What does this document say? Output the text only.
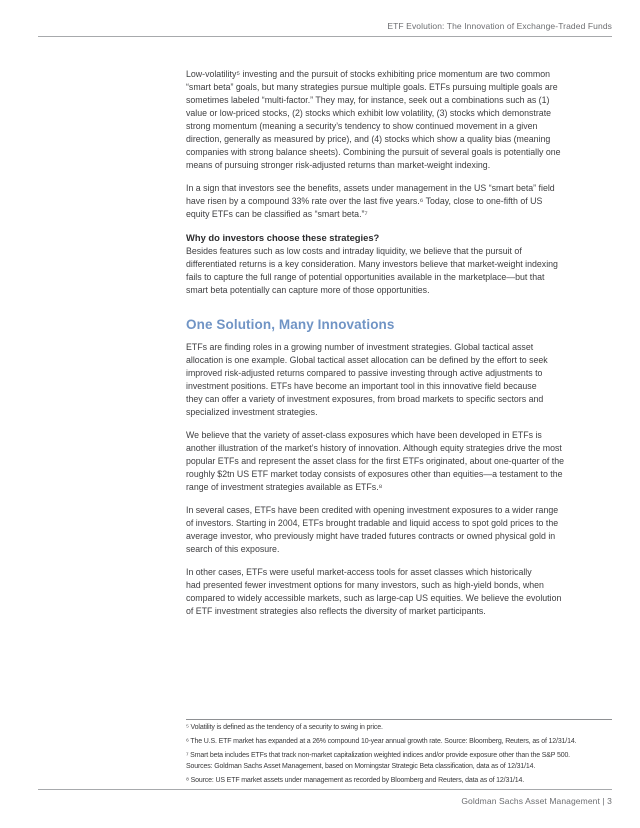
ETF Evolution: The Innovation of Exchange-Traded Funds
Low-volatility⁵ investing and the pursuit of stocks exhibiting price momentum are two common
“smart beta” goals, but many strategies pursue multiple goals. ETFs pursuing multiple goals are
sometimes labeled “multi-factor.” They may, for instance, seek out a combinations such as (1)
value or low-priced stocks, (2) stocks which exhibit low volatility, (3) stocks which demonstrate
strong momentum (meaning a security’s tendency to show continued movement in a given
direction, generally as measured by price), and (4) stocks which show a quality bias (meaning
companies with strong balance sheets). Combining the pursuit of several goals is potentially one
means of pursuing stronger risk-adjusted returns than market-weight indexing.
In a sign that investors see the benefits, assets under management in the US “smart beta” field
have risen by a compound 33% rate over the last five years.⁶ Today, close to one-fifth of US
equity ETFs can be classified as “smart beta.”⁷
Why do investors choose these strategies?
Besides features such as low costs and intraday liquidity, we believe that the pursuit of
differentiated returns is a key consideration. Many investors believe that market-weight indexing
fails to capture the full range of potential opportunities available in the marketplace—but that
smart beta potentially can capture more of those opportunities.
One Solution, Many Innovations
ETFs are finding roles in a growing number of investment strategies. Global tactical asset
allocation is one example. Global tactical asset allocation can be defined by the effort to seek
improved risk-adjusted returns compared to passive investing through active adjustments to
investment positions. ETFs have become an important tool in this innovative field because
they can offer a variety of investment exposures, from broad markets to specific sectors and
specialized investment strategies.
We believe that the variety of asset-class exposures which have been developed in ETFs is
another illustration of the market’s history of innovation. Although equity strategies drive the most
popular ETFs and represent the asset class for the first ETFs originated, about one-quarter of the
roughly $2tn US ETF market today consists of exposures other than equities—a testament to the
range of investment strategies available as ETFs.⁸
In several cases, ETFs have been credited with opening investment exposures to a wider range
of investors. Starting in 2004, ETFs brought tradable and liquid access to spot gold prices to the
average investor, who previously might have traded futures contracts or owned physical gold in
search of this exposure.
In other cases, ETFs were useful market-access tools for asset classes which historically
had presented fewer investment options for many investors, such as high-yield bonds, when
compared to widely accessible markets, such as large-cap US equities. We believe the evolution
of ETF investment strategies also reflects the diversity of market participants.
⁵ Volatility is defined as the tendency of a security to swing in price.
⁶ The U.S. ETF market has expanded at a 26% compound 10-year annual growth rate. Source: Bloomberg, Reuters, as of 12/31/14.
⁷ Smart beta includes ETFs that track non-market capitalization weighted indices and/or provide exposure other than the S&P 500.
Sources: Goldman Sachs Asset Management, based on Morningstar Strategic Beta classification, data as of 12/31/14.
⁸ Source: US ETF market assets under management as recorded by Bloomberg and Reuters, data as of 12/31/14.
Goldman Sachs Asset Management | 3
